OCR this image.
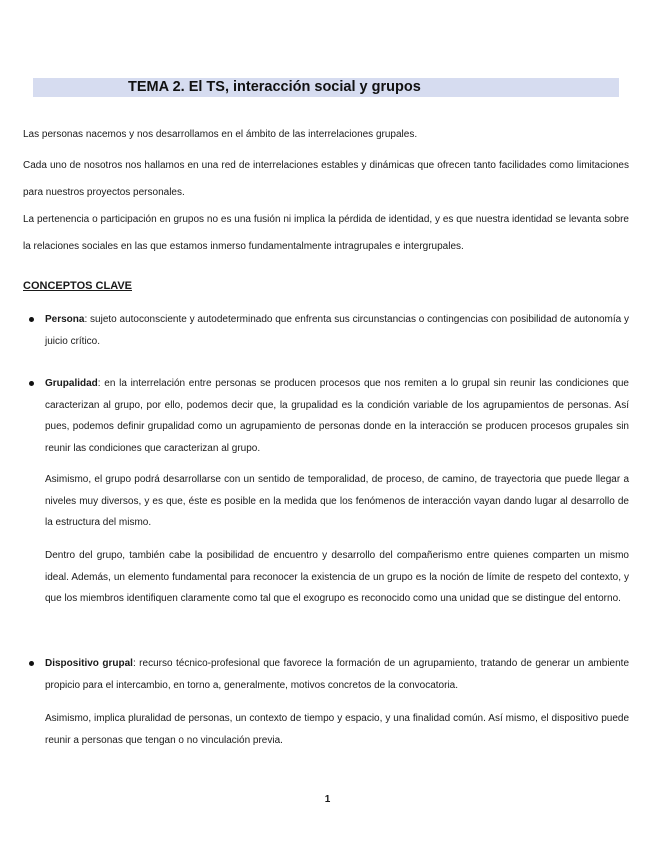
TEMA 2. El TS, interacción social y grupos

Las personas nacemos y nos desarrollamos en el ámbito de las interrelaciones grupales.

Cada uno de nosotros nos hallamos en una red de interrelaciones estables y dinámicas que ofrecen tanto facilidades como limitaciones para nuestros proyectos personales.

La pertenencia o participación en grupos no es una fusión ni implica la pérdida de identidad, y es que nuestra identidad se levanta sobre la relaciones sociales en las que estamos inmerso fundamentalmente intragrupales e intergrupales.

CONCEPTOS CLAVE

Persona: sujeto autoconsciente y autodeterminado que enfrenta sus circunstancias o contingencias con posibilidad de autonomía y juicio crítico.

Grupalidad: en la interrelación entre personas se producen procesos que nos remiten a lo grupal sin reunir las condiciones que caracterizan al grupo, por ello, podemos decir que, la grupalidad es la condición variable de los agrupamientos de personas. Así pues, podemos definir grupalidad como un agrupamiento de personas donde en la interacción se producen procesos grupales sin reunir las condiciones que caracterizan al grupo.

Asimismo, el grupo podrá desarrollarse con un sentido de temporalidad, de proceso, de camino, de trayectoria que puede llegar a niveles muy diversos, y es que, éste es posible en la medida que los fenómenos de interacción vayan dando lugar al desarrollo de la estructura del mismo.

Dentro del grupo, también cabe la posibilidad de encuentro y desarrollo del compañerismo entre quienes comparten un mismo ideal. Además, un elemento fundamental para reconocer la existencia de un grupo es la noción de límite de respeto del contexto, y que los miembros identifiquen claramente como tal que el exogrupo es reconocido como una unidad que se distingue del entorno.

Dispositivo grupal: recurso técnico-profesional que favorece la formación de un agrupamiento, tratando de generar un ambiente propicio para el intercambio, en torno a, generalmente, motivos concretos de la convocatoria.

Asimismo, implica pluralidad de personas, un contexto de tiempo y espacio, y una finalidad común. Así mismo, el dispositivo puede reunir a personas que tengan o no vinculación previa.

1
